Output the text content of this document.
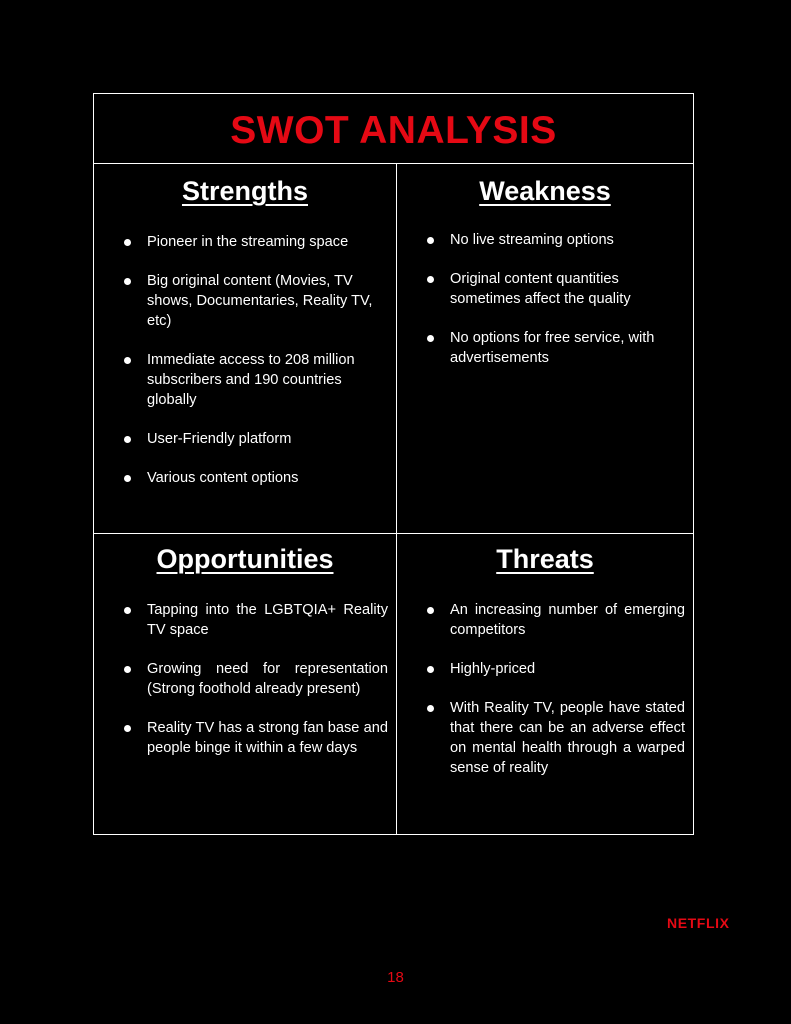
SWOT ANALYSIS
Strengths
Pioneer in the streaming space
Big original content (Movies, TV shows, Documentaries, Reality TV, etc)
Immediate access to 208 million subscribers and 190 countries globally
User-Friendly platform
Various content options
Weakness
No live streaming options
Original content quantities sometimes affect the quality
No options for free service, with advertisements
Opportunities
Tapping into the LGBTQIA+ Reality TV space
Growing need for representation (Strong foothold already present)
Reality TV has a strong fan base and people binge it within a few days
Threats
An increasing number of emerging competitors
Highly-priced
With Reality TV, people have stated that there can be an adverse effect on mental health through a warped sense of reality
NETFLIX
18
